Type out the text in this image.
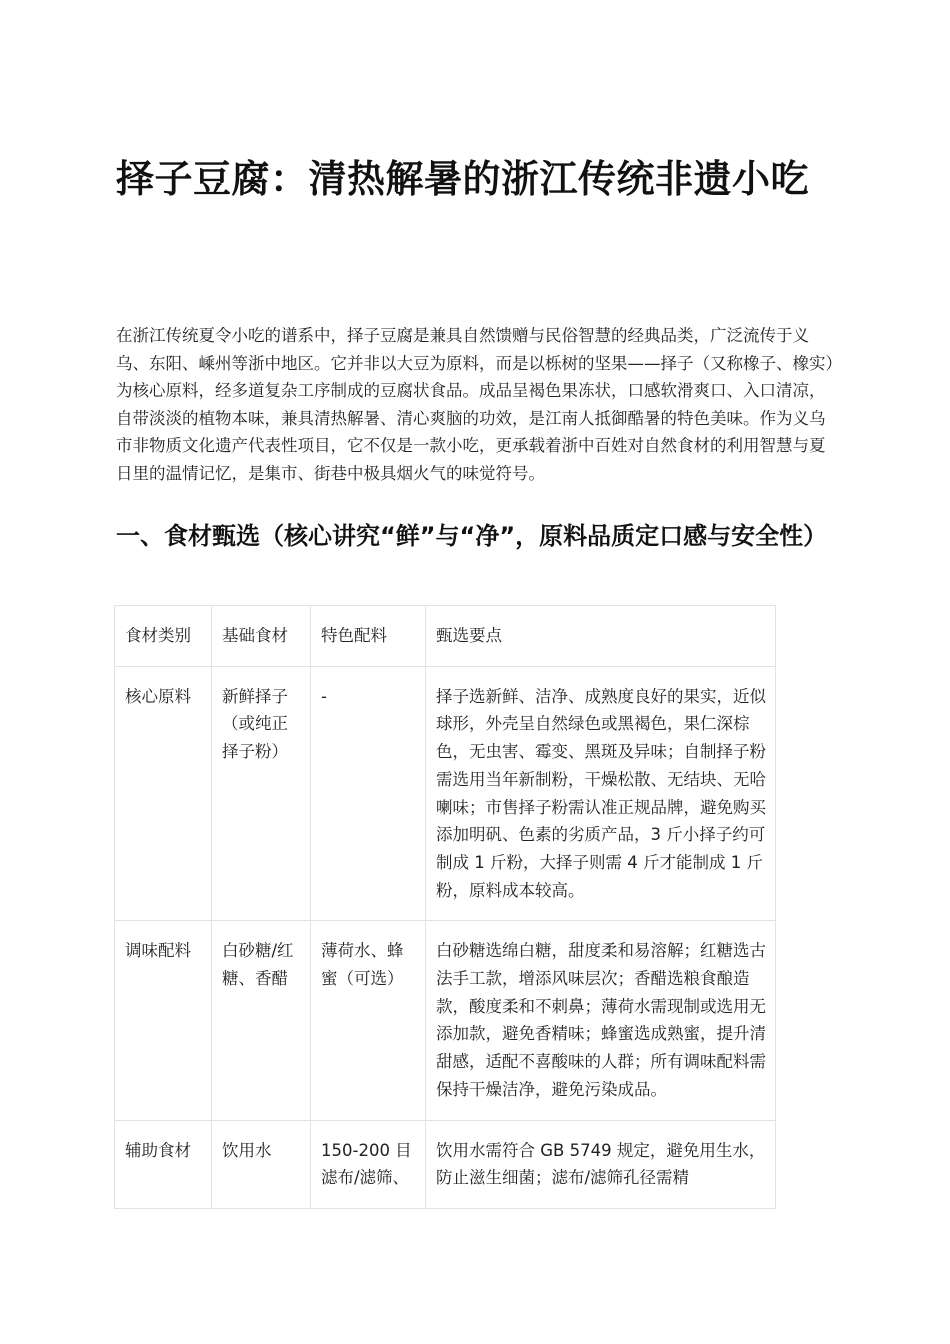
择子豆腐：清热解暑的浙江传统非遗小吃

在浙江传统夏令小吃的谱系中，择子豆腐是兼具自然馈赠与民俗智慧的经典品类，广泛流传于义乌、东阳、嵊州等浙中地区。它并非以大豆为原料，而是以栎树的坚果——择子（又称橡子、橡实）为核心原料，经多道复杂工序制成的豆腐状食品。成品呈褐色果冻状，口感软滑爽口、入口清凉，自带淡淡的植物本味，兼具清热解暑、清心爽脑的功效，是江南人抵御酷暑的特色美味。作为义乌市非物质文化遗产代表性项目，它不仅是一款小吃，更承载着浙中百姓对自然食材的利用智慧与夏日里的温情记忆，是集市、街巷中极具烟火气的味觉符号。

一、食材甄选（核心讲究“鲜”与“净”，原料品质定口感与安全性）
食材类别	基础食材	特色配料	甄选要点
核心原料	新鲜择子（或纯正择子粉）	-	择子选新鲜、洁净、成熟度良好的果实，近似球形，外壳呈自然绿色或黑褐色，果仁深棕色，无虫害、霉变、黑斑及异味；自制择子粉需选用当年新制粉，干燥松散、无结块、无哈喇味；市售择子粉需认准正规品牌，避免购买添加明矾、色素的劣质产品，3 斤小择子约可制成 1 斤粉，大择子则需 4 斤才能制成 1 斤粉，原料成本较高。
调味配料	白砂糖/红糖、香醋	薄荷水、蜂蜜（可选）	白砂糖选绵白糖，甜度柔和易溶解；红糖选古法手工款，增添风味层次；香醋选粮食酿造款，酸度柔和不刺鼻；薄荷水需现制或选用无添加款，避免香精味；蜂蜜选成熟蜜，提升清甜感，适配不喜酸味的人群；所有调味配料需保持干燥洁净，避免污染成品。
辅助食材	饮用水	150-200 目滤布/滤筛、	饮用水需符合 GB 5749 规定，避免用生水，防止滋生细菌；滤布/滤筛孔径需精
